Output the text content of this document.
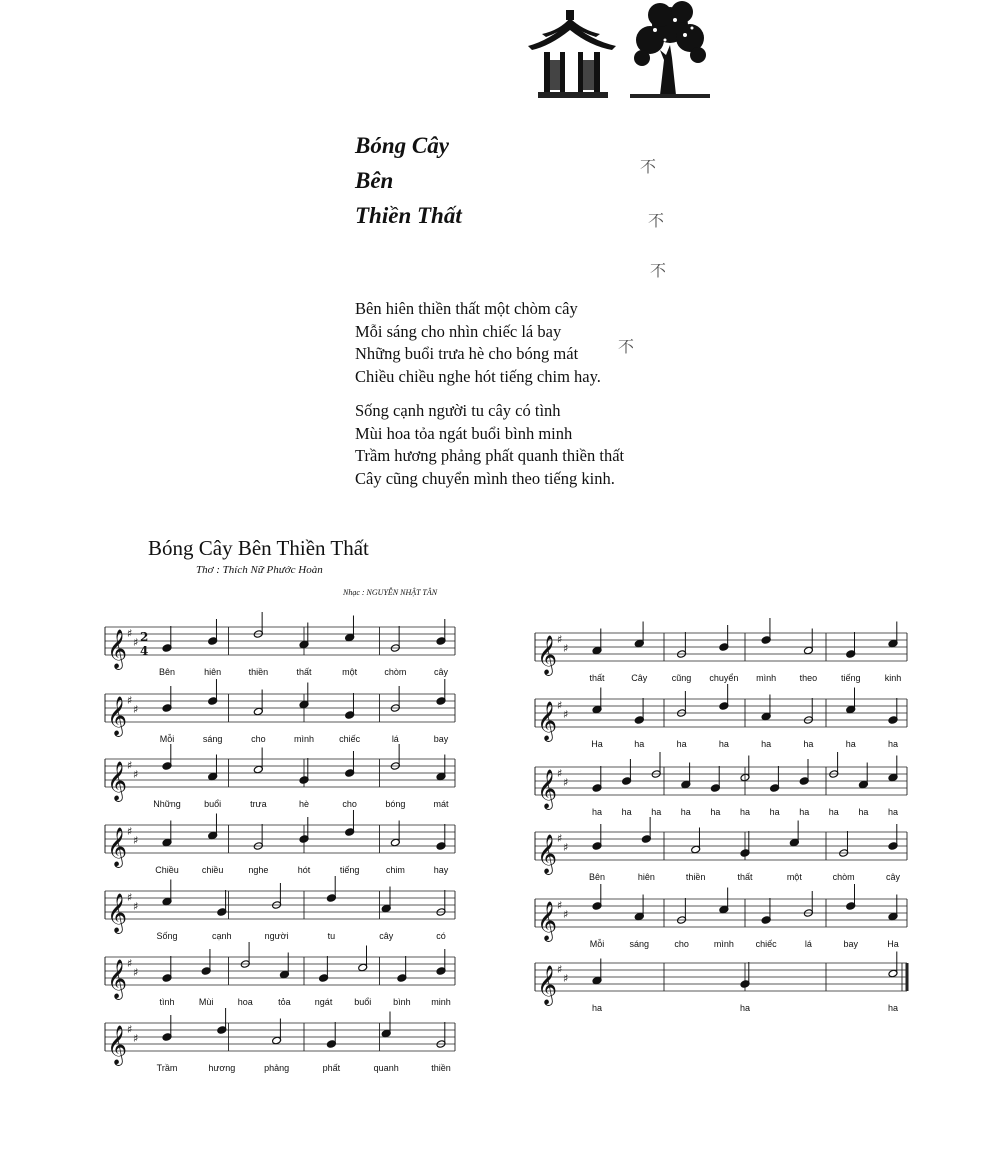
Bóng Cây
Bên
Thiền Thất
Bên hiên thiền thất một chòm cây
Mỗi sáng cho nhìn chiếc lá bay
Những buổi trưa hè cho bóng mát
Chiều chiều nghe hót tiếng chim hay.
Sống cạnh người tu cây có tình
Mùi hoa tỏa ngát buổi bình minh
Trầm hương phảng phất quanh thiền thất
Cây cũng chuyển mình theo tiếng kinh.
Bóng Cây Bên Thiền Thất
Thơ : Thích Nữ Phước Hoàn
Nhạc : NGUYỄN NHẬT TÂN
不
不
不
不
𝄞 ♯
♯ 2
4
Bên	hiên	thiền	thất	một	chòm	cây
𝄞 ♯
♯
Mỗi	sáng	cho	mình	chiếc	lá	bay
𝄞 ♯
♯
Những	buổi	trưa	hè	cho	bóng	mát
𝄞 ♯
♯
Chiều	chiều	nghe	hót	tiếng	chim	hay
𝄞 ♯
♯
Sống	cạnh	người	tu	cây	có
𝄞 ♯
♯
tình	Mùi	hoa	tỏa	ngát buổi bình minh
𝄞 ♯
♯
Trầm	hương	phảng	phất	quanh	thiền
𝄞 ♯
♯
thất	Cây	cũng chuyển mình	theo	tiếng	kinh
𝄞 ♯
♯
Ha	ha	ha	ha	ha	ha	ha	ha
𝄞 ♯
♯
ha ha ha ha ha ha ha ha ha ha ha
𝄞 ♯
♯
Bên	hiên	thiền	thất	một	chòm	cây
𝄞 ♯
♯
Mỗi	sáng	cho	mình chiếc	lá	bay	Ha
𝄞 ♯
♯
ha	ha	ha
